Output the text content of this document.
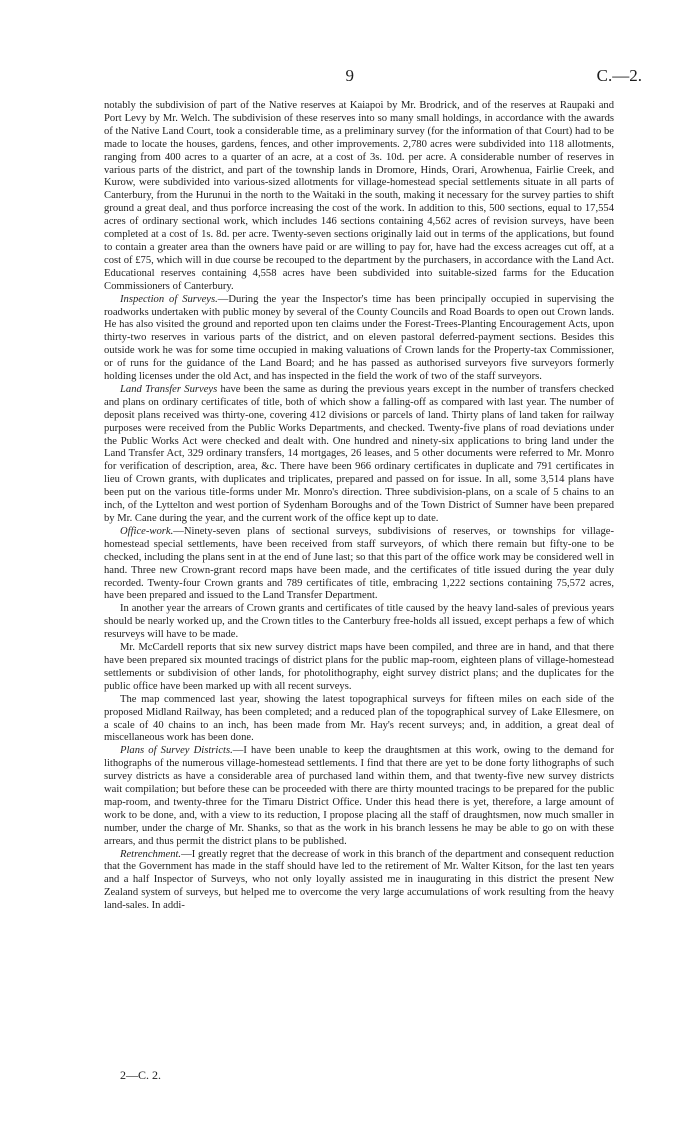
9	C.—2.

notably the subdivision of part of the Native reserves at Kaiapoi by Mr. Brodrick, and of the reserves at Raupaki and Port Levy by Mr. Welch. The subdivision of these reserves into so many small holdings, in accordance with the awards of the Native Land Court, took a considerable time, as a preliminary survey (for the information of that Court) had to be made to locate the houses, gardens, fences, and other improvements. 2,780 acres were subdivided into 118 allotments, ranging from 400 acres to a quarter of an acre, at a cost of 3s. 10d. per acre. A considerable number of reserves in various parts of the district, and part of the township lands in Dromore, Hinds, Orari, Arowhenua, Fairlie Creek, and Kurow, were subdivided into various-sized allotments for village-homestead special settlements situate in all parts of Canterbury, from the Hurunui in the north to the Waitaki in the south, making it necessary for the survey parties to shift ground a great deal, and thus porforce increasing the cost of the work. In addition to this, 500 sections, equal to 17,554 acres of ordinary sectional work, which includes 146 sections containing 4,562 acres of revision surveys, have been completed at a cost of 1s. 8d. per acre. Twenty-seven sections originally laid out in terms of the applications, but found to contain a greater area than the owners have paid or are willing to pay for, have had the excess acreages cut off, at a cost of £75, which will in due course be recouped to the department by the purchasers, in accordance with the Land Act. Educational reserves containing 4,558 acres have been subdivided into suitable-sized farms for the Education Commissioners of Canterbury.

Inspection of Surveys.—During the year the Inspector's time has been principally occupied in supervising the roadworks undertaken with public money by several of the County Councils and Road Boards to open out Crown lands. He has also visited the ground and reported upon ten claims under the Forest-Trees-Planting Encouragement Acts, upon thirty-two reserves in various parts of the district, and on eleven pastoral deferred-payment sections. Besides this outside work he was for some time occupied in making valuations of Crown lands for the Property-tax Commissioner, or of runs for the guidance of the Land Board; and he has passed as authorised surveyors five surveyors formerly holding licenses under the old Act, and has inspected in the field the work of two of the staff surveyors.

Land Transfer Surveys have been the same as during the previous years except in the number of transfers checked and plans on ordinary certificates of title, both of which show a falling-off as compared with last year. The number of deposit plans received was thirty-one, covering 412 divisions or parcels of land. Thirty plans of land taken for railway purposes were received from the Public Works Departments, and checked. Twenty-five plans of road deviations under the Public Works Act were checked and dealt with. One hundred and ninety-six applications to bring land under the Land Transfer Act, 329 ordinary transfers, 14 mortgages, 26 leases, and 5 other documents were referred to Mr. Monro for verification of description, area, &c. There have been 966 ordinary certificates in duplicate and 791 certificates in lieu of Crown grants, with duplicates and triplicates, prepared and passed on for issue. In all, some 3,514 plans have been put on the various title-forms under Mr. Monro's direction. Three subdivision-plans, on a scale of 5 chains to an inch, of the Lyttelton and west portion of Sydenham Boroughs and of the Town District of Sumner have been prepared by Mr. Cane during the year, and the current work of the office kept up to date.

Office-work.—Ninety-seven plans of sectional surveys, subdivisions of reserves, or townships for village-homestead special settlements, have been received from staff surveyors, of which there remain but fifty-one to be checked, including the plans sent in at the end of June last; so that this part of the office work may be considered well in hand. Three new Crown-grant record maps have been made, and the certificates of title issued during the year duly recorded. Twenty-four Crown grants and 789 certificates of title, embracing 1,222 sections containing 75,572 acres, have been prepared and issued to the Land Transfer Department.

In another year the arrears of Crown grants and certificates of title caused by the heavy land-sales of previous years should be nearly worked up, and the Crown titles to the Canterbury free-holds all issued, except perhaps a few of which resurveys will have to be made.

Mr. McCardell reports that six new survey district maps have been compiled, and three are in hand, and that there have been prepared six mounted tracings of district plans for the public map-room, eighteen plans of village-homestead settlements or subdivision of other lands, for photolithography, eight survey district plans; and the duplicates for the public office have been marked up with all recent surveys.

The map commenced last year, showing the latest topographical surveys for fifteen miles on each side of the proposed Midland Railway, has been completed; and a reduced plan of the topographical survey of Lake Ellesmere, on a scale of 40 chains to an inch, has been made from Mr. Hay's recent surveys; and, in addition, a great deal of miscellaneous work has been done.

Plans of Survey Districts.—I have been unable to keep the draughtsmen at this work, owing to the demand for lithographs of the numerous village-homestead settlements. I find that there are yet to be done forty lithographs of such survey districts as have a considerable area of purchased land within them, and that twenty-five new survey districts wait compilation; but before these can be proceeded with there are thirty mounted tracings to be prepared for the public map-room, and twenty-three for the Timaru District Office. Under this head there is yet, therefore, a large amount of work to be done, and, with a view to its reduction, I propose placing all the staff of draughtsmen, now much smaller in number, under the charge of Mr. Shanks, so that as the work in his branch lessens he may be able to go on with these arrears, and thus permit the district plans to be published.

Retrenchment.—I greatly regret that the decrease of work in this branch of the department and consequent reduction that the Government has made in the staff should have led to the retirement of Mr. Walter Kitson, for the last ten years and a half Inspector of Surveys, who not only loyally assisted me in inaugurating in this district the present New Zealand system of surveys, but helped me to overcome the very large accumulations of work resulting from the heavy land-sales. In addi-

2—C. 2.
